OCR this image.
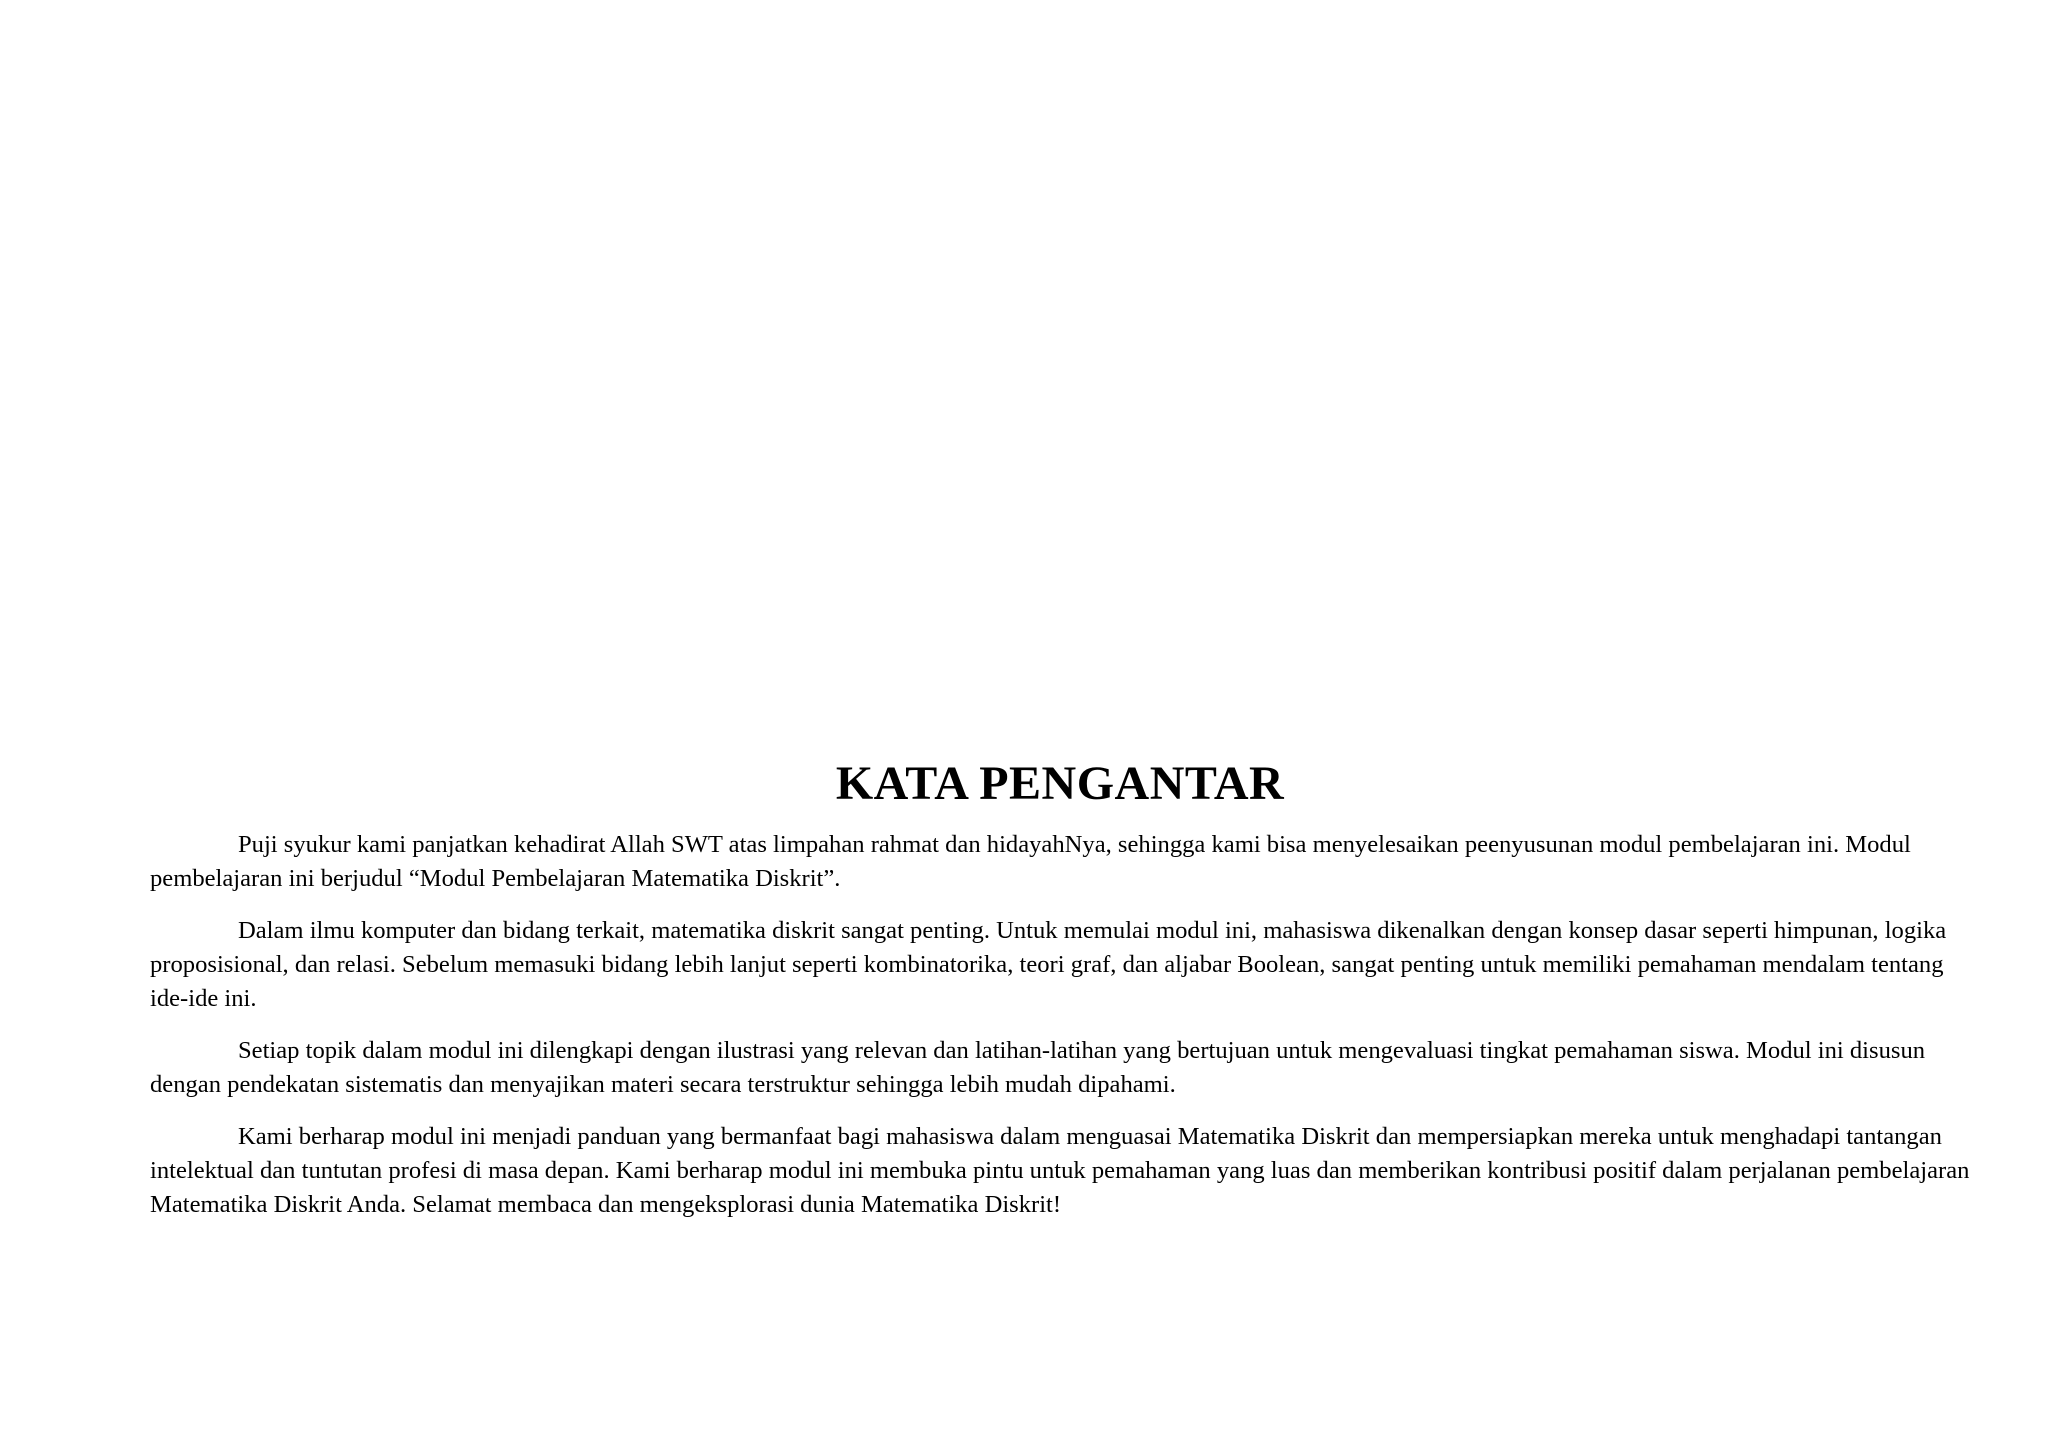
KATA PENGANTAR

Puji syukur kami panjatkan kehadirat Allah SWT atas limpahan rahmat dan hidayahNya, sehingga kami bisa menyelesaikan peenyusunan modul pembelajaran ini. Modul pembelajaran ini berjudul “Modul Pembelajaran Matematika Diskrit”.

Dalam ilmu komputer dan bidang terkait, matematika diskrit sangat penting. Untuk memulai modul ini, mahasiswa dikenalkan dengan konsep dasar seperti himpunan, logika proposisional, dan relasi. Sebelum memasuki bidang lebih lanjut seperti kombinatorika, teori graf, dan aljabar Boolean, sangat penting untuk memiliki pemahaman mendalam tentang ide-ide ini.

Setiap topik dalam modul ini dilengkapi dengan ilustrasi yang relevan dan latihan-latihan yang bertujuan untuk mengevaluasi tingkat pemahaman siswa. Modul ini disusun dengan pendekatan sistematis dan menyajikan materi secara terstruktur sehingga lebih mudah dipahami.

Kami berharap modul ini menjadi panduan yang bermanfaat bagi mahasiswa dalam menguasai Matematika Diskrit dan mempersiapkan mereka untuk menghadapi tantangan intelektual dan tuntutan profesi di masa depan. Kami berharap modul ini membuka pintu untuk pemahaman yang luas dan memberikan kontribusi positif dalam perjalanan pembelajaran Matematika Diskrit Anda. Selamat membaca dan mengeksplorasi dunia Matematika Diskrit!
